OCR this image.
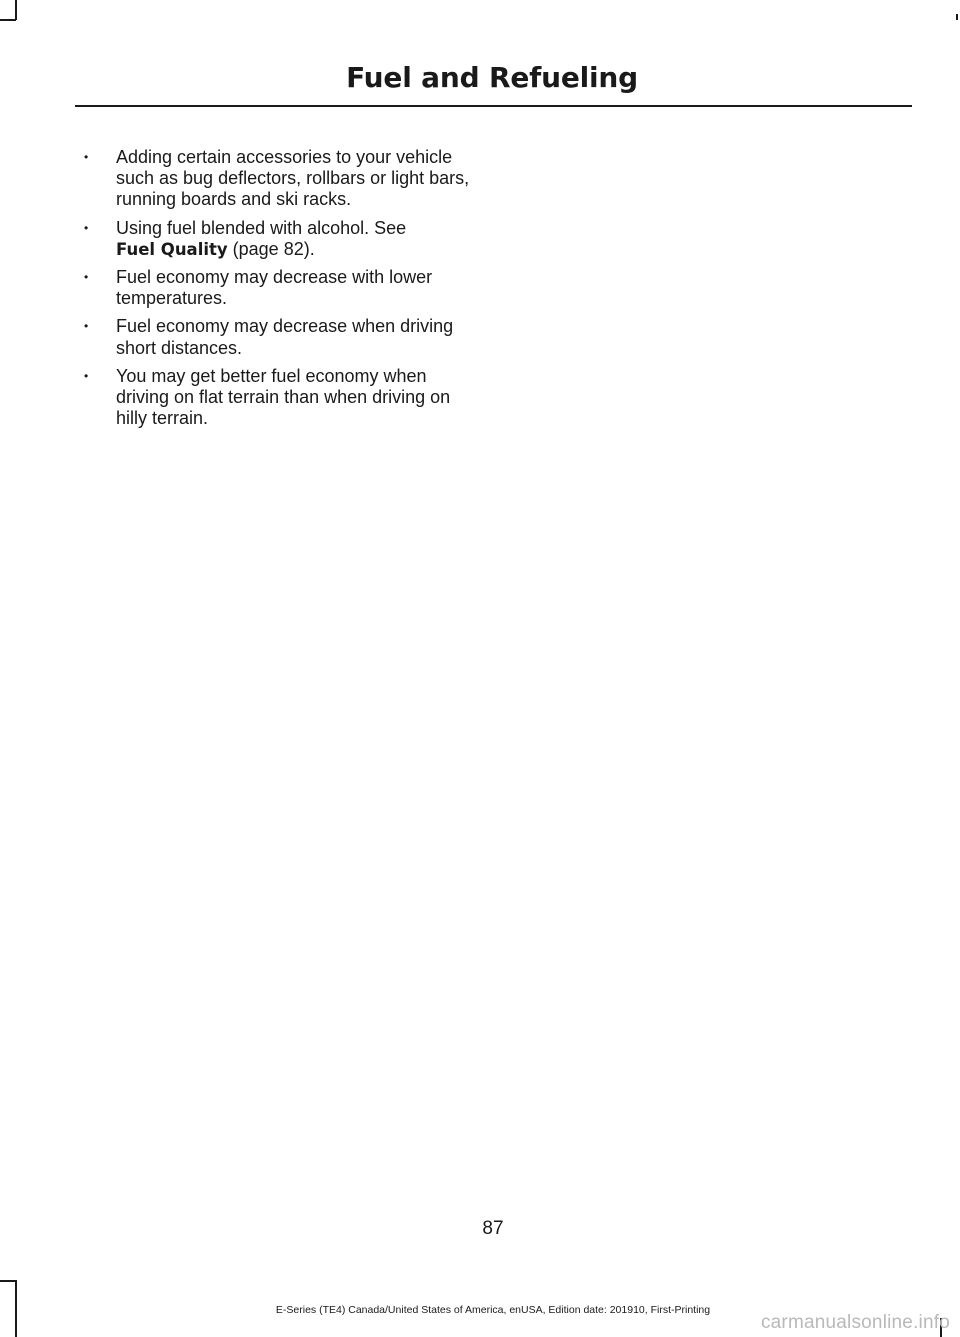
Fuel and Refueling
• Adding certain accessories to your vehicle such as bug deflectors, rollbars or light bars, running boards and ski racks.
• Using fuel blended with alcohol. See
Fuel Quality (page 82).
• Fuel economy may decrease with lower temperatures.
• Fuel economy may decrease when driving short distances.
• You may get better fuel economy when driving on flat terrain than when driving on hilly terrain.
87
E-Series (TE4) Canada/United States of America, enUSA, Edition date: 201910, First-Printing
carmanualsonline.info
